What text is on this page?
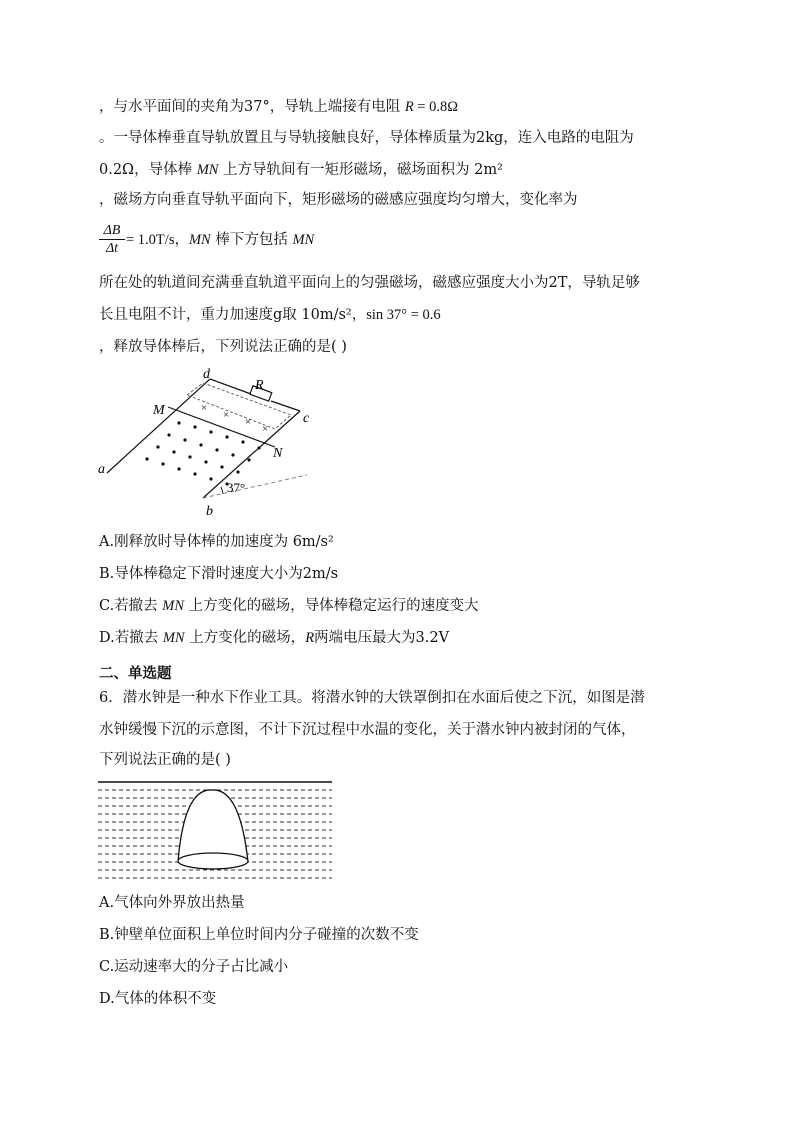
，与水平面间的夹角为37°，导轨上端接有电阻 R = 0.8Ω
。一导体棒垂直导轨放置且与导轨接触良好，导体棒质量为2kg，连入电路的电阻为
0.2Ω，导体棒 MN 上方导轨间有一矩形磁场，磁场面积为 2m²
，磁场方向垂直导轨平面向下，矩形磁场的磁感应强度均匀增大，变化率为
$\frac{\Delta B}{\Delta t} = 1.0T/s$，MN 棒下方包括 MN
所在处的轨道间充满垂直轨道平面向上的匀强磁场，磁感应强度大小为2T，导轨足够
长且电阻不计，重力加速度g取 10m/s²，sin 37° = 0.6
，释放导体棒后，下列说法正确的是( )
×
×
×
×
d
R
M
c
N
a
37°
b
A.刚释放时导体棒的加速度为 6m/s²
B.导体棒稳定下滑时速度大小为2m/s
C.若撤去 MN 上方变化的磁场，导体棒稳定运行的速度变大
D.若撤去 MN 上方变化的磁场，R两端电压最大为3.2V
二、单选题
6．潜水钟是一种水下作业工具。将潜水钟的大铁罩倒扣在水面后使之下沉，如图是潜
水钟缓慢下沉的示意图，不计下沉过程中水温的变化，关于潜水钟内被封闭的气体，
下列说法正确的是( )
A.气体向外界放出热量
B.钟壁单位面积上单位时间内分子碰撞的次数不变
C.运动速率大的分子占比减小
D.气体的体积不变
